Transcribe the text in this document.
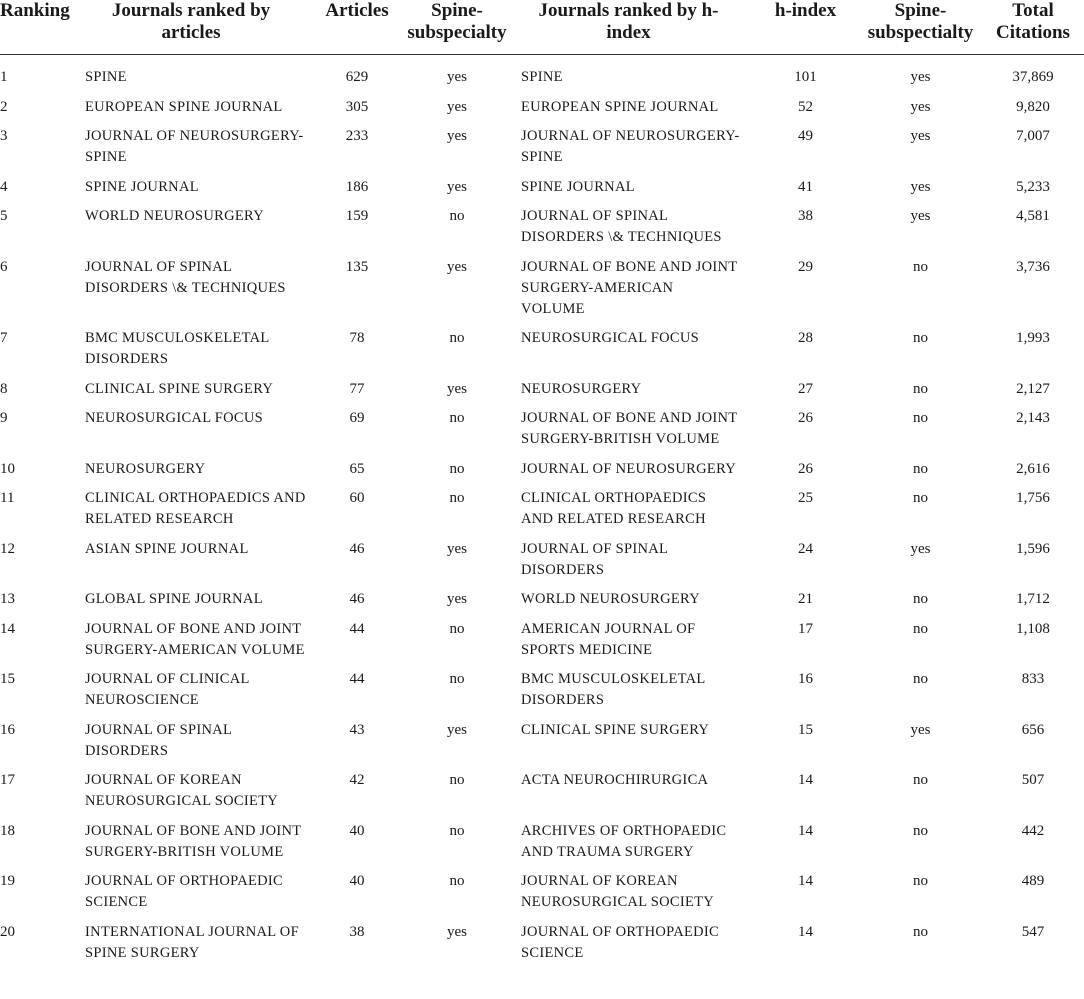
Ranking	Journals ranked by articles	Articles	Spine-subspecialty	Journals ranked by h-index	h-index	Spine-subspectialty	Total Citations
1	SPINE	629	yes	SPINE	101	yes	37,869
2	EUROPEAN SPINE JOURNAL	305	yes	EUROPEAN SPINE JOURNAL	52	yes	9,820
3	JOURNAL OF NEUROSURGERY-SPINE	233	yes	JOURNAL OF NEUROSURGERY-SPINE	49	yes	7,007
4	SPINE JOURNAL	186	yes	SPINE JOURNAL	41	yes	5,233
5	WORLD NEUROSURGERY	159	no	JOURNAL OF SPINAL DISORDERS \& TECHNIQUES	38	yes	4,581
6	JOURNAL OF SPINAL DISORDERS \& TECHNIQUES	135	yes	JOURNAL OF BONE AND JOINT SURGERY-AMERICAN VOLUME	29	no	3,736
7	BMC MUSCULOSKELETAL DISORDERS	78	no	NEUROSURGICAL FOCUS	28	no	1,993
8	CLINICAL SPINE SURGERY	77	yes	NEUROSURGERY	27	no	2,127
9	NEUROSURGICAL FOCUS	69	no	JOURNAL OF BONE AND JOINT SURGERY-BRITISH VOLUME	26	no	2,143
10	NEUROSURGERY	65	no	JOURNAL OF NEUROSURGERY	26	no	2,616
11	CLINICAL ORTHOPAEDICS AND RELATED RESEARCH	60	no	CLINICAL ORTHOPAEDICS AND RELATED RESEARCH	25	no	1,756
12	ASIAN SPINE JOURNAL	46	yes	JOURNAL OF SPINAL DISORDERS	24	yes	1,596
13	GLOBAL SPINE JOURNAL	46	yes	WORLD NEUROSURGERY	21	no	1,712
14	JOURNAL OF BONE AND JOINT SURGERY-AMERICAN VOLUME	44	no	AMERICAN JOURNAL OF SPORTS MEDICINE	17	no	1,108
15	JOURNAL OF CLINICAL NEUROSCIENCE	44	no	BMC MUSCULOSKELETAL DISORDERS	16	no	833
16	JOURNAL OF SPINAL DISORDERS	43	yes	CLINICAL SPINE SURGERY	15	yes	656
17	JOURNAL OF KOREAN NEUROSURGICAL SOCIETY	42	no	ACTA NEUROCHIRURGICA	14	no	507
18	JOURNAL OF BONE AND JOINT SURGERY-BRITISH VOLUME	40	no	ARCHIVES OF ORTHOPAEDIC AND TRAUMA SURGERY	14	no	442
19	JOURNAL OF ORTHOPAEDIC SCIENCE	40	no	JOURNAL OF KOREAN NEUROSURGICAL SOCIETY	14	no	489
20	INTERNATIONAL JOURNAL OF SPINE SURGERY	38	yes	JOURNAL OF ORTHOPAEDIC SCIENCE	14	no	547
